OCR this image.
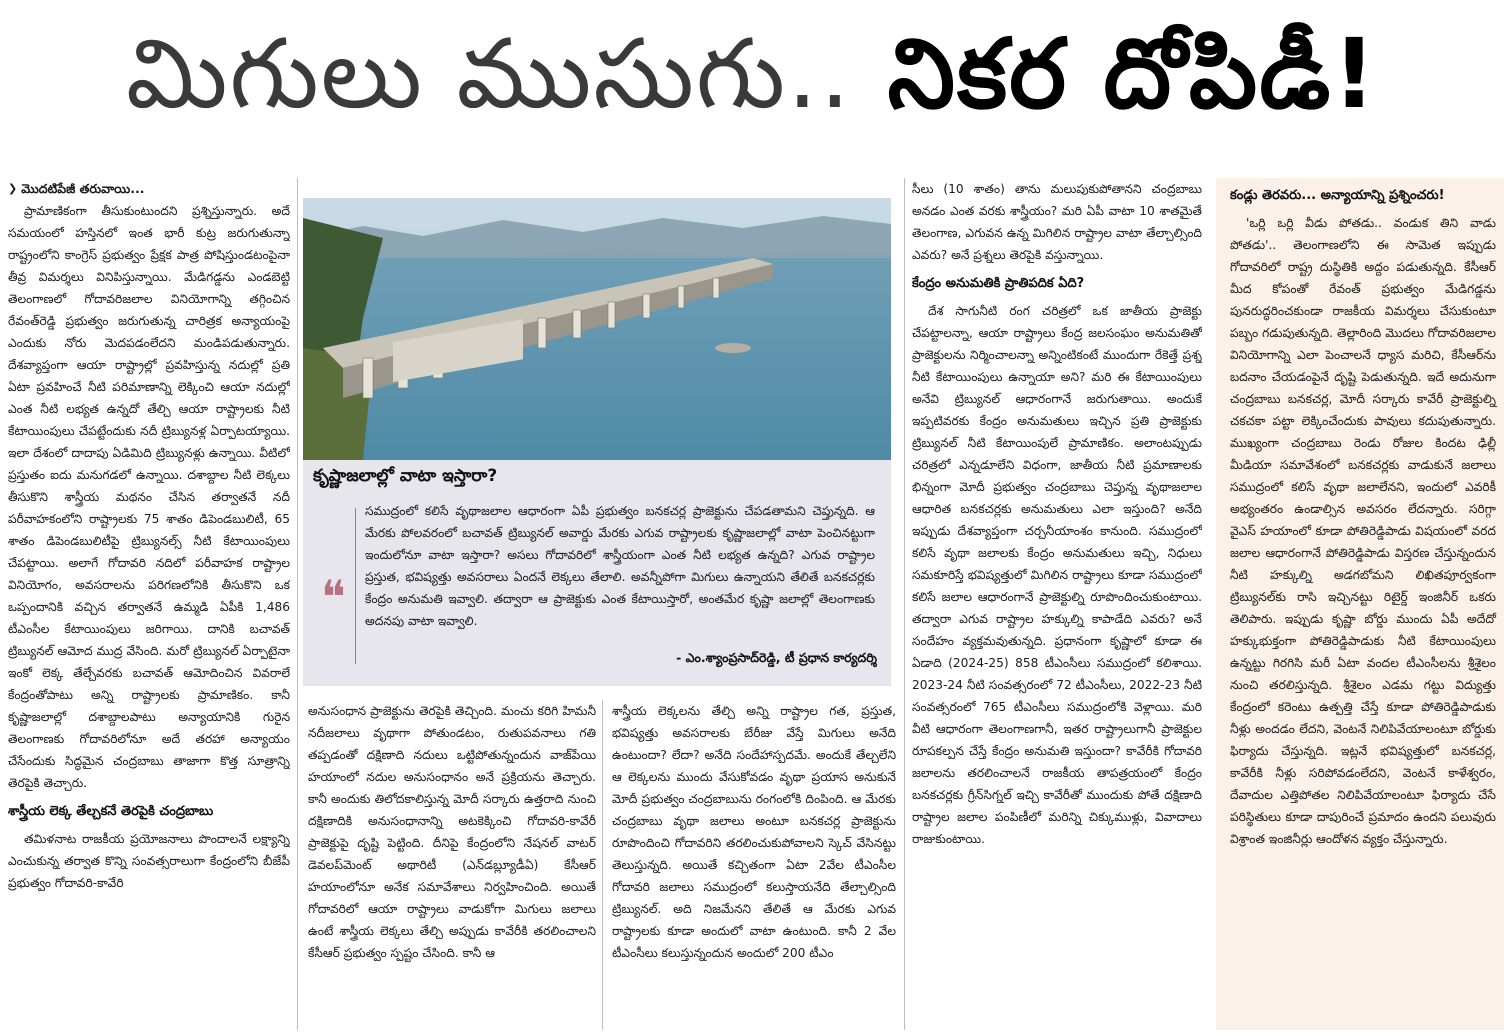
మిగులు ముసుగు..
నికర దోపిడీ!
❯ మొదటిపేజీ తరువాయి...

ప్రామాణికంగా తీసుకుంటుందని ప్రశ్నిస్తున్నారు. అదే సమయంలో హస్తినలో ఇంత భారీ కుట్ర జరుగుతున్నా రాష్ట్రంలోని కాంగ్రెస్ ప్రభుత్వం ప్రేక్షక పాత్ర పోషిస్తుండటంపైనా తీవ్ర విమర్శలు వినిపిస్తున్నాయి. మేడిగడ్డను ఎండబెట్టి తెలంగాణలో గోదావరిజలాల వినియోగాన్ని తగ్గించిన రేవంత్‌రెడ్డి ప్రభుత్వం జరుగుతున్న చారిత్రక అన్యాయంపై ఎందుకు నోరు మెదపడంలేదని మండిపడుతున్నారు. దేశవ్యాప్తంగా ఆయా రాష్ట్రాల్లో ప్రవహిస్తున్న నదుల్లో ప్రతి ఏటా ప్రవహించే నీటి పరిమాణాన్ని లెక్కించి ఆయా నదుల్లో ఎంత నీటి లభ్యత ఉన్నదో తేల్చి ఆయా రాష్ట్రాలకు నీటి కేటాయింపులు చేపట్టేందుకు నదీ ట్రిబ్యునళ్ల ఏర్పాటయ్యాయి. ఇలా దేశంలో దాదాపు ఏడిమిది ట్రిబ్యునళ్లు ఉన్నాయి. వీటిలో ప్రస్తుతం ఐదు మనుగడలో ఉన్నాయి. దశాబ్దాల నీటి లెక్కలు తీసుకొని శాస్త్రీయ మథనం చేసిన తర్వాతనే నదీ పరీవాహకంలోని రాష్ట్రాలకు 75 శాతం డిపెండబులిటీ, 65 శాతం డిపెండబులిటీపై ట్రిబ్యునల్స్ నీటి కేటాయింపులు చేపట్టాయి. అలాగే గోదావరి నదిలో పరీవాహక రాష్ట్రాల వినియోగం, అవసరాలను పరిగణలోనికి తీసుకొని ఒక ఒప్పందానికి వచ్చిన తర్వాతనే ఉమ్మడి ఏపీకి 1,486 టీఎంసీల కేటాయింపులు జరిగాయి. దానికి బచావత్ ట్రిబ్యునల్ ఆమోద ముద్ర వేసింది. మరో ట్రిబ్యునల్ ఏర్పాటైనా ఇంకో లెక్క తేల్చేవరకు బచావత్ ఆమోదించిన వివరాలే కేంద్రంతోపాటు అన్ని రాష్ట్రాలకు ప్రామాణికం. కానీ కృష్ణాజలాల్లో దశాబ్దాలపాటు అన్యాయానికి గురైన తెలంగాణకు గోదావరిలోనూ అదే తరహా అన్యాయం చేసేందుకు సిద్ధమైన చంద్రబాబు తాజాగా కొత్త సూత్రాన్ని తెరపైకి తెచ్చారు.

శాస్త్రీయ లెక్క తేల్చకనే తెరపైకి చంద్రబాబు

తమిళనాట రాజకీయ ప్రయోజనాలు పొందాలనే లక్ష్యాన్ని ఎంచుకున్న తర్వాత కొన్ని సంవత్సరాలుగా కేంద్రంలోని బీజేపీ ప్రభుత్వం గోదావరి-కావేరి

కృష్ణాజలాల్లో వాటా ఇస్తారా?
❝
సముద్రంలో కలిసే వృథాజలాల ఆధారంగా ఏపీ ప్రభుత్వం బనకచర్ల ప్రాజెక్టును చేపడతామని చెప్తున్నది. ఆ మేరకు పోలవరంలో బచావత్ ట్రిబ్యునల్ అవార్డు మేరకు ఎగువ రాష్ట్రాలకు కృష్ణాజలాల్లో వాటా పెంచినట్టుగా ఇందులోనూ వాటా ఇస్తారా? అసలు గోదావరిలో శాస్త్రీయంగా ఎంత నీటి లభ్యత ఉన్నది? ఎగువ రాష్ట్రాల ప్రస్తుత, భవిష్యత్తు అవసరాలు ఏందనే లెక్కలు తేలాలి. అవన్నీపోగా మిగులు ఉన్నాయని తేలితే బనకచర్లకు కేంద్రం అనుమతి ఇవ్వాలి. తద్వారా ఆ ప్రాజెక్టుకు ఎంత కేటాయిస్తారో, అంతమేర కృష్ణా జలాల్లో తెలంగాణకు అదనపు వాటా ఇవ్వాలి.
- ఎం.శ్యాంప్రసాద్‌రెడ్డి, టీ ప్రధాన కార్యదర్శి

అనుసంధాన ప్రాజెక్టును తెరపైకి తెచ్చింది. మంచు కరిగి హిమనీ నదీజలాలు వృథాగా పోతుండటం, రుతుపవనాలు గతి తప్పడంతో దక్షిణాది నదులు ఒట్టిపోతున్నందున వాజ్‌పేయి హయాంలో నదుల అనుసంధానం అనే ప్రక్రియను తెచ్చారు. కానీ అందుకు తిలోదకాలిస్తున్న మోదీ సర్కారు ఉత్తరాది నుంచి దక్షిణాదికి అనుసంధానాన్ని అటకెక్కించి గోదావరి-కావేరీ ప్రాజెక్టుపై దృష్టి పెట్టింది. దీనిపై కేంద్రంలోని నేషనల్ వాటర్ డెవలప్‌మెంట్ అథారిటీ (ఎన్‌డబ్ల్యూడీఏ) కేసీఆర్ హయాంలోనూ అనేక సమావేశాలు నిర్వహించింది. అయితే గోదావరిలో ఆయా రాష్ట్రాలు వాడుకోగా మిగులు జలాలు ఉంటే శాస్త్రీయ లెక్కలు తేల్చి అప్పుడు కావేరీకి తరలించాలని కేసీఆర్ ప్రభుత్వం స్పష్టం చేసింది. కానీ ఆ

శాస్త్రీయ లెక్కలను తేల్చి అన్ని రాష్ట్రాల గత, ప్రస్తుత, భవిష్యత్తు అవసరాలకు బేరీజు వేస్తే మిగులు అనేది ఉంటుందా? లేదా? అనేది సందేహాస్పదమే. అందుకే తేల్చలేని ఆ లెక్కలను ముందు వేసుకోవడం వృథా ప్రయాస అనుకునే మోదీ ప్రభుత్వం చంద్రబాబును రంగంలోకి దింపింది. ఆ మేరకు చంద్రబాబు వృథా జలాలు అంటూ బనకచర్ల ప్రాజెక్టును రూపొందించి గోదావరిని తరలించుకుపోవాలని స్కెచ్ వేసినట్టు తెలుస్తున్నది. అయితే కచ్చితంగా ఏటా 2వేల టీఎంసీల గోదావరి జలాలు సముద్రంలో కలుస్తాయనేది తేల్చాల్సింది ట్రిబ్యునల్. అది నిజమేనని తేలితే ఆ మేరకు ఎగువ రాష్ట్రాలకు కూడా అందులో వాటా ఉంటుంది. కానీ 2 వేల టీఎంసీలు కలుస్తున్నందున అందులో 200 టీఎం

సీలు (10 శాతం) తాను మలుపుకుపోతానని చంద్రబాబు అనడం ఎంత వరకు శాస్త్రీయం? మరి ఏపీ వాటా 10 శాతమైతే తెలంగాణ, ఎగువన ఉన్న మిగిలిన రాష్ట్రాల వాటా తేల్చాల్సింది ఎవరు? అనే ప్రశ్నలు తెరపైకి వస్తున్నాయి.

కేంద్రం అనుమతికి ప్రాతిపదిక ఏది?

దేశ సాగునీటి రంగ చరిత్రలో ఒక జాతీయ ప్రాజెక్టు చేపట్టాలన్నా, ఆయా రాష్ట్రాలు కేంద్ర జలసంఘం అనుమతితో ప్రాజెక్టులను నిర్మించాలన్నా అన్నింటికంటే ముందుగా రేకెత్తే ప్రశ్న నీటి కేటాయింపులు ఉన్నాయా అని? మరి ఈ కేటాయింపులు అనేవి ట్రిబ్యునల్ ఆధారంగానే జరుగుతాయి. అందుకే ఇప్పటివరకు కేంద్రం అనుమతులు ఇచ్చిన ప్రతి ప్రాజెక్టుకు ట్రిబ్యునల్ నీటి కేటాయింపులే ప్రామాణికం. అలాంటప్పుడు చరిత్రలో ఎన్నడూలేని విధంగా, జాతీయ నీటి ప్రమాణాలకు భిన్నంగా మోదీ ప్రభుత్వం చంద్రబాబు చెప్తున్న వృథాజలాల ఆధారిత బనకచర్లకు అనుమతులు ఎలా ఇస్తుంది? అనేది ఇప్పుడు దేశవ్యాప్తంగా చర్చనీయాంశం కానుంది. సముద్రంలో కలిసే వృథా జలాలకు కేంద్రం అనుమతులు ఇచ్చి, నిధులు సమకూరిస్తే భవిష్యత్తులో మిగిలిన రాష్ట్రాలు కూడా సముద్రంలో కలిసే జలాల ఆధారంగానే ప్రాజెక్టుల్ని రూపొందించుకుంటాయి. తద్వారా ఎగువ రాష్ట్రాల హక్కుల్ని కాపాడేది ఎవరు? అనే సందేహం వ్యక్తమవుతున్నది. ప్రధానంగా కృష్ణాలో కూడా ఈ ఏడాది (2024-25) 858 టీఎంసీలు సముద్రంలో కలిశాయి. 2023-24 నీటి సంవత్సరంలో 72 టీఎంసీలు, 2022-23 నీటి సంవత్సరంలో 765 టీఎంసీలు సముద్రంలోకి వెళ్లాయి. మరి వీటి ఆధారంగా తెలంగాణగానీ, ఇతర రాష్ట్రాలుగానీ ప్రాజెక్టుల రూపకల్పన చేస్తే కేంద్రం అనుమతి ఇస్తుందా? కావేరీకి గోదావరి జలాలను తరలించాలనే రాజకీయ తాపత్రయంలో కేంద్రం బనకచర్లకు గ్రీన్‌సిగ్నల్ ఇచ్చి కావేరీతో ముందుకు పోతే దక్షిణాది రాష్ట్రాల జలాల పంపిణీలో మరిన్ని చిక్కుముళ్లు, వివాదాలు రాజుకుంటాయి.

కండ్లు తెరవరు... అన్యాయాన్ని ప్రశ్నించరు!

'ఒర్లి ఒర్లి వీడు పోతడు.. వండుక తిని వాడు పోతడు'.. తెలంగాణలోని ఈ సామెత ఇప్పుడు గోదావరిలో రాష్ట్ర దుస్థితికి అద్దం పడుతున్నది. కేసీఆర్ మీద కోపంతో రేవంత్ ప్రభుత్వం మేడిగడ్డను పునరుద్ధరించకుండా రాజకీయ విమర్శలు చేసుకుంటూ పబ్బం గడుపుతున్నది. తెల్లారింది మొదలు గోదావరిజలాల వినియోగాన్ని ఎలా పెంచాలనే ధ్యాస మరిచి, కేసీఆర్‌ను బదనాం చేయడంపైనే దృష్టి పెడుతున్నది. ఇదే అదునుగా చంద్రబాబు బనకచర్ల, మోదీ సర్కారు కావేరీ ప్రాజెక్టుల్ని చకచకా పట్టా లెక్కించేందుకు పావులు కదుపుతున్నారు. ముఖ్యంగా చంద్రబాబు రెండు రోజుల కిందట ఢిల్లీ మీడియా సమావేశంలో బనకచర్లకు వాడుకునే జలాలు సముద్రంలో కలిసే వృథా జలాలేనని, ఇందులో ఎవరికీ అభ్యంతరం ఉండాల్సిన అవసరం లేదన్నారు. సరిగ్గా వైఎస్ హయాంలో కూడా పోతిరెడ్డిపాడు విషయంలో వరద జలాల ఆధారంగానే పోతిరెడ్డిపాడు విస్తరణ చేస్తున్నందున నీటి హక్కుల్ని అడగబోమని లిఖితపూర్వకంగా ట్రిబ్యునల్‌కు రాసి ఇచ్చినట్టు రిటైర్డ్ ఇంజినీర్ ఒకరు తెలిపారు. ఇప్పుడు కృష్ణా బోర్డు ముందు ఏపీ అదేదో హక్కుభుక్తంగా పోతిరెడ్డిపాడుకు నీటి కేటాయింపులు ఉన్నట్టు గిరగిసి మరీ ఏటా వందల టీఎంసీలను శ్రీశైలం నుంచి తరలిస్తున్నది. శ్రీశైలం ఎడమ గట్టు విద్యుత్తు కేంద్రంలో కరెంటు ఉత్పత్తి చేస్తే కూడా పోతిరెడ్డిపాడుకు నీళ్లు అందడం లేదని, వెంటనే నిలిపివేయాలంటూ బోర్డుకు ఫిర్యాదు చేస్తున్నది. ఇట్లనే భవిష్యత్తులో బనకచర్ల, కావేరీకి నీళ్లు సరిపోవడంలేదని, వెంటనే కాళేశ్వరం, దేవాదుల ఎత్తిపోతల నిలిపివేయాలంటూ ఫిర్యాదు చేసే పరిస్థితులు కూడా దాపురించే ప్రమాదం ఉందని పలువురు విశ్రాంత ఇంజినీర్లు ఆందోళన వ్యక్తం చేస్తున్నారు.
